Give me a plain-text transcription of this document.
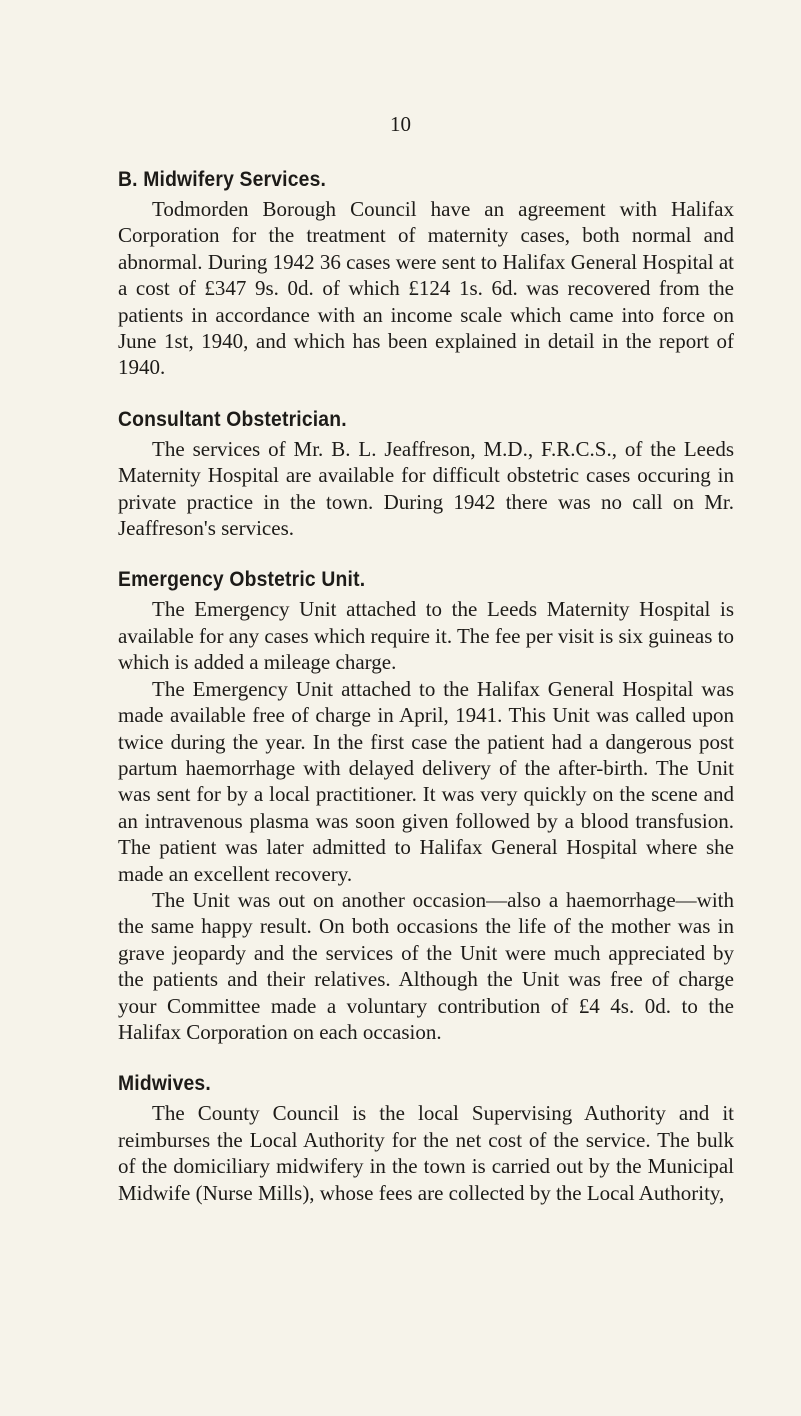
10
B. Midwifery Services.

Todmorden Borough Council have an agreement with Halifax Corporation for the treatment of maternity cases, both normal and abnormal. During 1942 36 cases were sent to Halifax General Hospital at a cost of £347 9s. 0d. of which £124 1s. 6d. was recovered from the patients in accordance with an income scale which came into force on June 1st, 1940, and which has been explained in detail in the report of 1940.

Consultant Obstetrician.

The services of Mr. B. L. Jeaffreson, M.D., F.R.C.S., of the Leeds Maternity Hospital are available for difficult obstetric cases occuring in private practice in the town. During 1942 there was no call on Mr. Jeaffreson's services.

Emergency Obstetric Unit.

The Emergency Unit attached to the Leeds Maternity Hospital is available for any cases which require it. The fee per visit is six guineas to which is added a mileage charge.

The Emergency Unit attached to the Halifax General Hospital was made available free of charge in April, 1941. This Unit was called upon twice during the year. In the first case the patient had a dangerous post partum haemorrhage with delayed delivery of the after-birth. The Unit was sent for by a local practitioner. It was very quickly on the scene and an intravenous plasma was soon given followed by a blood transfusion. The patient was later admitted to Halifax General Hospital where she made an excellent recovery.

The Unit was out on another occasion—also a haemorrhage—with the same happy result. On both occasions the life of the mother was in grave jeopardy and the services of the Unit were much appreciated by the patients and their relatives. Although the Unit was free of charge your Committee made a voluntary contribution of £4 4s. 0d. to the Halifax Corporation on each occasion.

Midwives.

The County Council is the local Supervising Authority and it reimburses the Local Authority for the net cost of the service. The bulk of the domiciliary midwifery in the town is carried out by the Municipal Midwife (Nurse Mills), whose fees are collected by the Local Authority,
